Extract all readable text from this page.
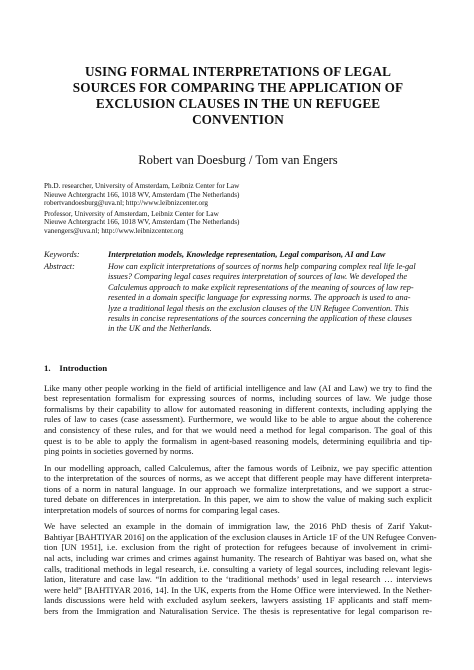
USING FORMAL INTERPRETATIONS OF LEGAL
SOURCES FOR COMPARING THE APPLICATION OF
EXCLUSION CLAUSES IN THE UN REFUGEE
CONVENTION
Robert van Doesburg / Tom van Engers
Ph.D. researcher, University of Amsterdam, Leibniz Center for Law
Nieuwe Achtergracht 166, 1018 WV, Amsterdam (The Netherlands)
robertvandoesburg@uva.nl; http://www.leibnizcenter.org
Professor, University of Amsterdam, Leibniz Center for Law
Nieuwe Achtergracht 166, 1018 WV, Amsterdam (The Netherlands)
vanengers@uva.nl; http://www.leibnizcenter.org
Keywords:	Interpretation models, Knowledge representation, Legal comparison, AI and Law
Abstract:	How can explicit interpretations of sources of norms help comparing complex real life le-gal
issues? Comparing legal cases requires interpretation of sources of law. We developed the
Calculemus approach to make explicit representations of the meaning of sources of law rep-
resented in a domain specific language for expressing norms. The approach is used to ana-
lyze a traditional legal thesis on the exclusion clauses of the UN Refugee Convention. This
results in concise representations of the sources concerning the application of these clauses
in the UK and the Netherlands.
1. Introduction
Like many other people working in the field of artificial intelligence and law (AI and Law) we try to find the
best representation formalism for expressing sources of norms, including sources of law. We judge those
formalisms by their capability to allow for automated reasoning in different contexts, including applying the
rules of law to cases (case assessment). Furthermore, we would like to be able to argue about the coherence
and consistency of these rules, and for that we would need a method for legal comparison. The goal of this
quest is to be able to apply the formalism in agent-based reasoning models, determining equilibria and tip-
ping points in societies governed by norms.
In our modelling approach, called Calculemus, after the famous words of Leibniz, we pay specific attention
to the interpretation of the sources of norms, as we accept that different people may have different interpreta-
tions of a norm in natural language. In our approach we formalize interpretations, and we support a struc-
tured debate on differences in interpretation. In this paper, we aim to show the value of making such explicit
interpretation models of sources of norms for comparing legal cases.
We have selected an example in the domain of immigration law, the 2016 PhD thesis of Zarif Yakut-
Bahtiyar [BAHTIYAR 2016] on the application of the exclusion clauses in Article 1F of the UN Refugee Conven-
tion [UN 1951], i.e. exclusion from the right of protection for refugees because of involvement in crimi-
nal acts, including war crimes and crimes against humanity. The research of Bahtiyar was based on, what she
calls, traditional methods in legal research, i.e. consulting a variety of legal sources, including relevant legis-
lation, literature and case law. “In addition to the ‘traditional methods’ used in legal research … interviews
were held” [BAHTIYAR 2016, 14]. In the UK, experts from the Home Office were interviewed. In the Nether-
lands discussions were held with excluded asylum seekers, lawyers assisting 1F applicants and staff mem-
bers from the Immigration and Naturalisation Service. The thesis is representative for legal comparison re-
